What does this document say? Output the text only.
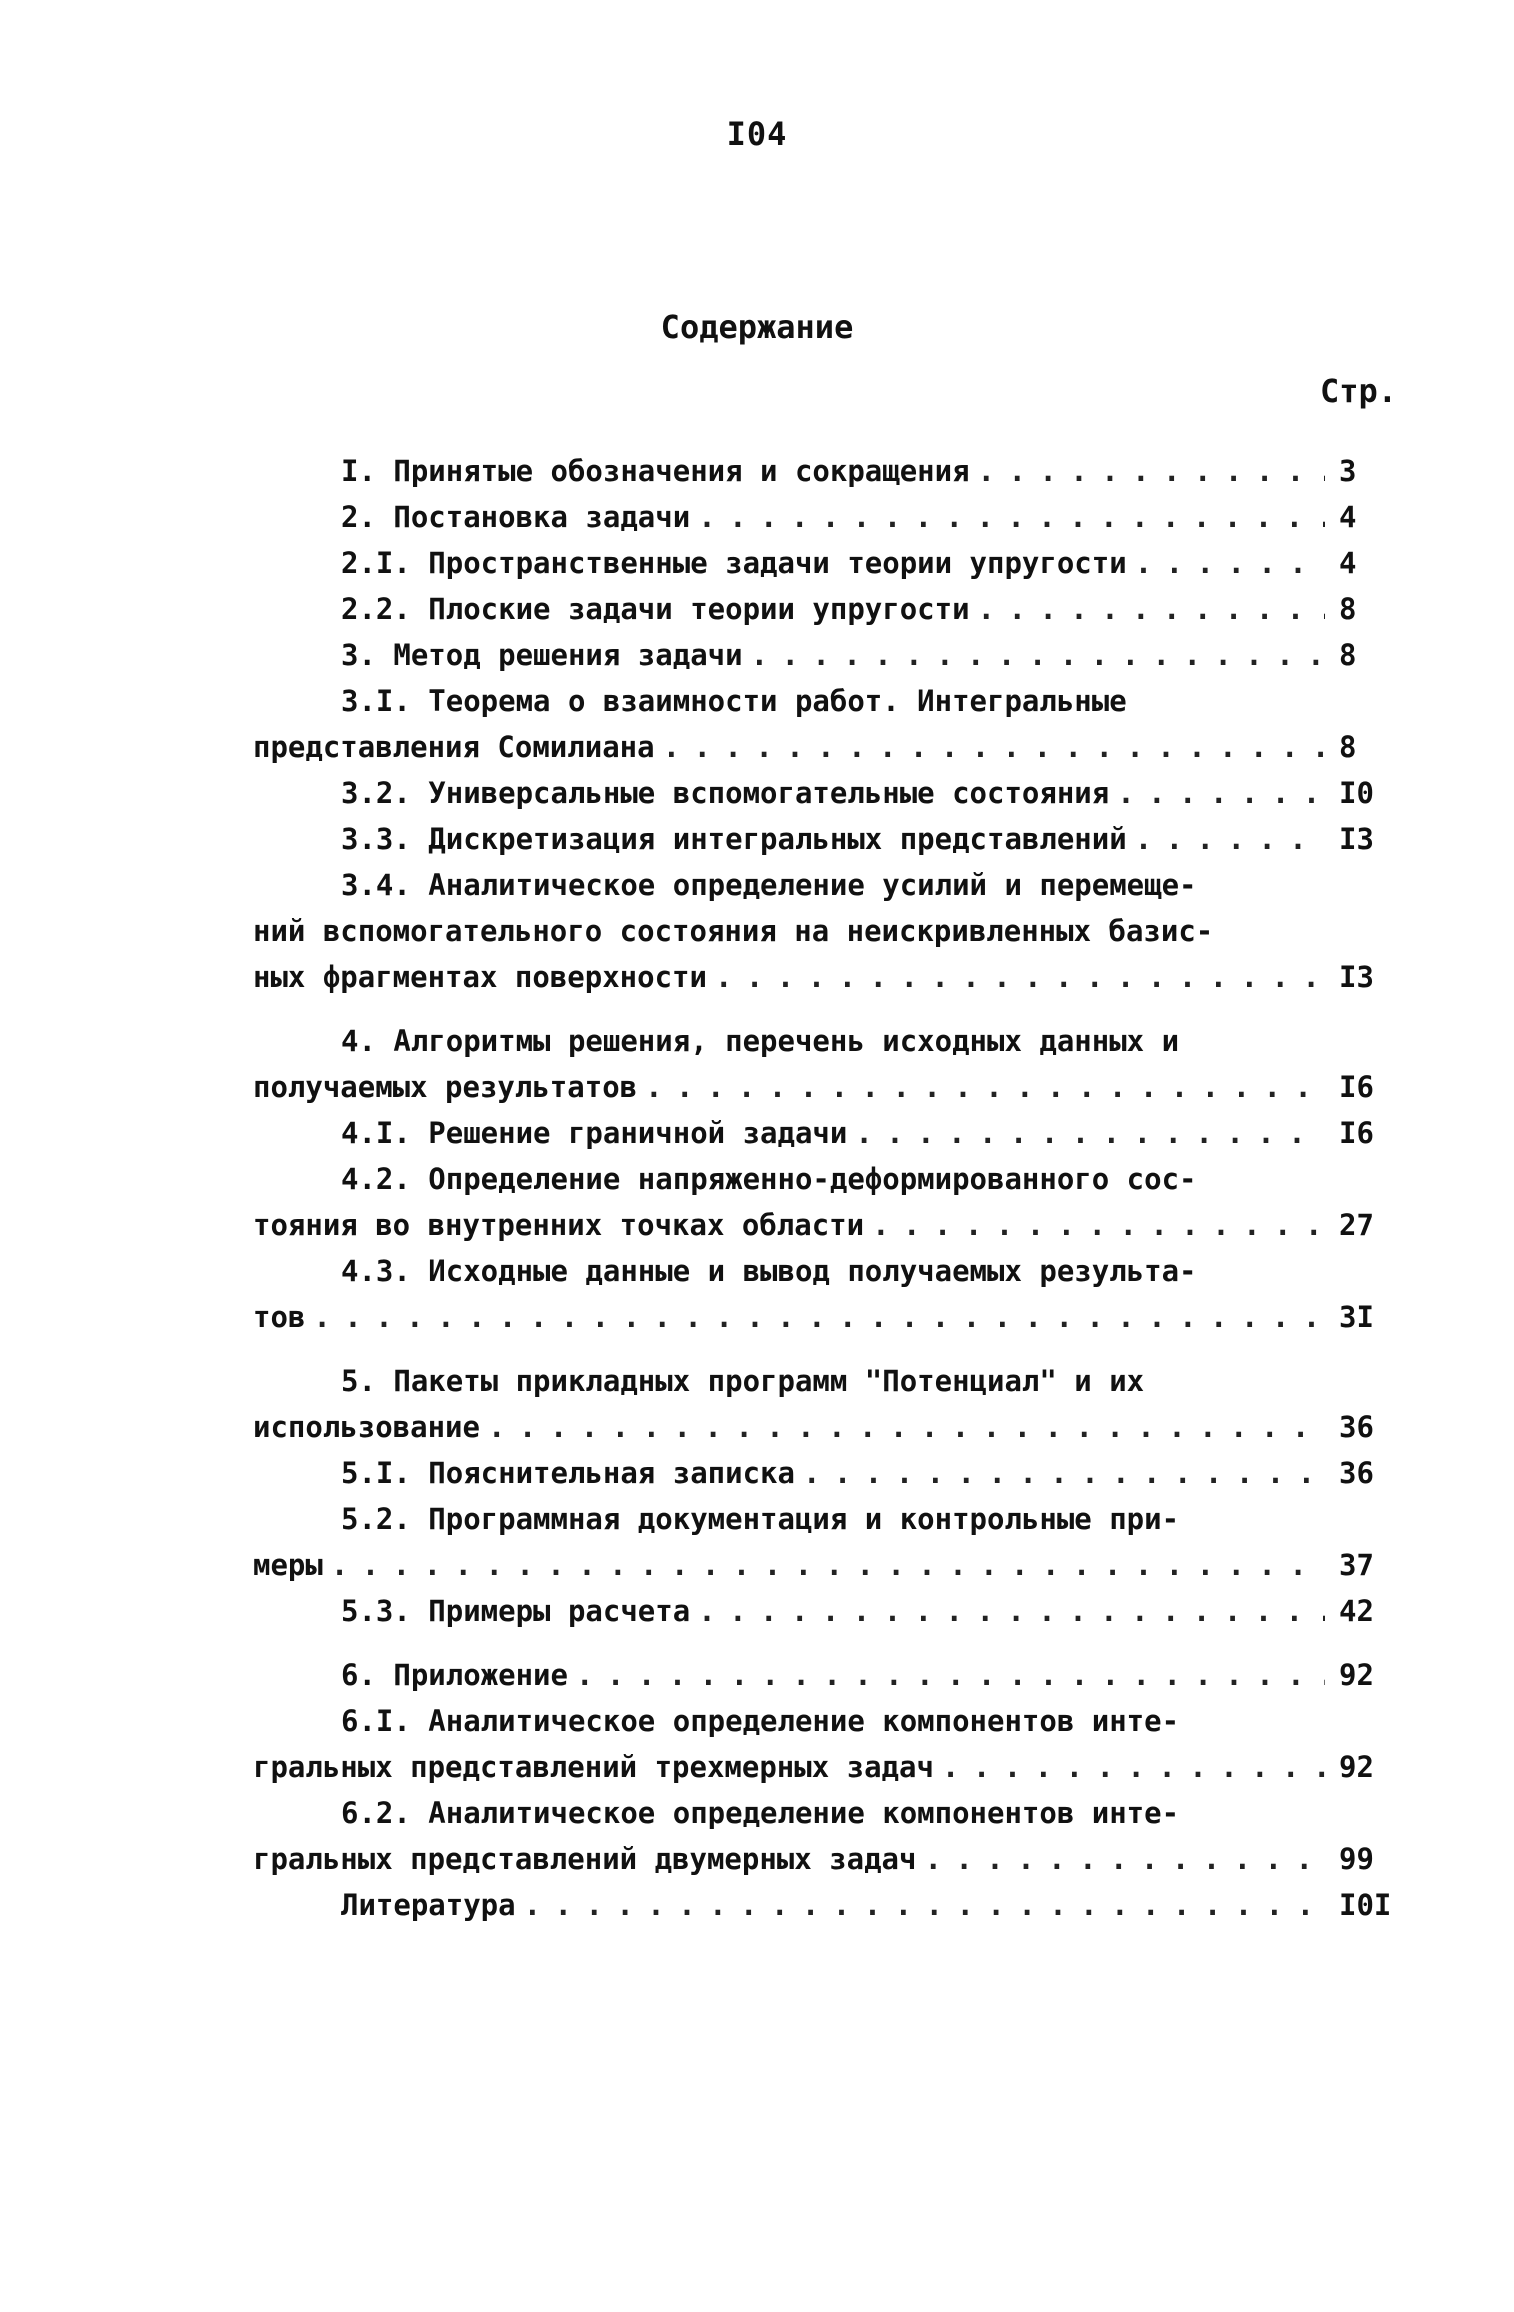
I04
Содержание
Стр.
I. Принятые обозначения и сокращения . . .	3
2. Постановка задачи . . .	4
2.I. Пространственные задачи теории упругости . . .	4
2.2. Плоские задачи теории упругости . . .	8
3. Метод решения задачи . . .	8
3.I. Теорема о взаимности работ. Интегральные
представления Сомилиана . . .	8
3.2. Универсальные вспомогательные состояния . . .	I0
3.3. Дискретизация интегральных представлений . . .	I3
3.4. Аналитическое определение усилий и перемеще-
ний вспомогательного состояния на неискривленных базис-
ных фрагментах поверхности . . .	I3
4. Алгоритмы решения, перечень исходных данных и
получаемых результатов . . .	I6
4.I. Решение граничной задачи . . .	I6
4.2. Определение напряженно-деформированного сос-
тояния во внутренних точках области . . .	27
4.3. Исходные данные и вывод получаемых результа-
тов . . .	3I
5. Пакеты прикладных программ "Потенциал" и их
использование . . .	36
5.I. Пояснительная записка . . .	36
5.2. Программная документация и контрольные при-
меры . . .	37
5.3. Примеры расчета . . .	42
6. Приложение . . .	92
6.I. Аналитическое определение компонентов инте-
гральных представлений трехмерных задач . . .	92
6.2. Аналитическое определение компонентов инте-
гральных представлений двумерных задач . . .	99
Литература . . .	I0I
